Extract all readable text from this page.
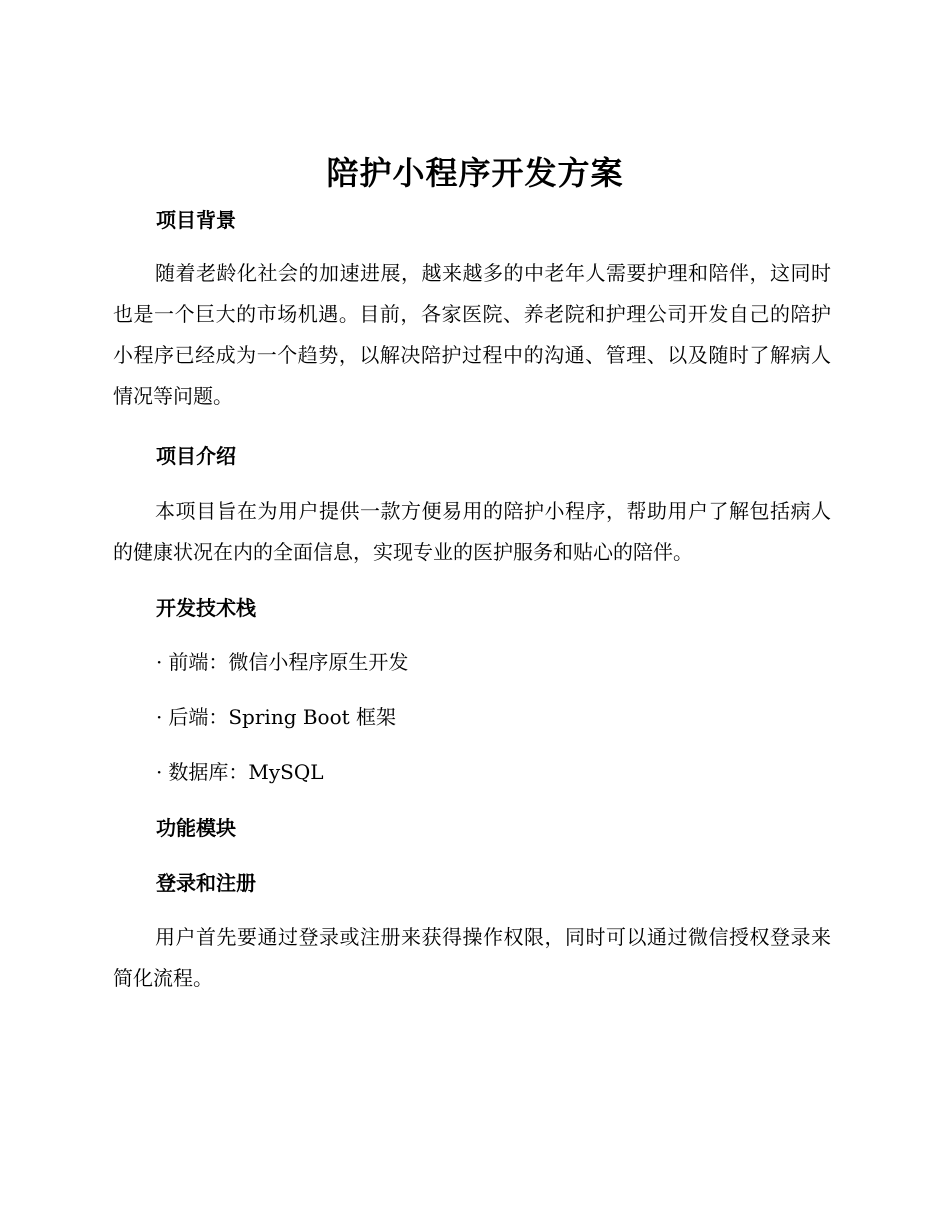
陪护小程序开发方案
项目背景
随着老龄化社会的加速进展，越来越多的中老年人需要护理和陪伴，这同时也是一个巨大的市场机遇。目前，各家医院、养老院和护理公司开发自己的陪护小程序已经成为一个趋势，以解决陪护过程中的沟通、管理、以及随时了解病人情况等问题。
项目介绍
本项目旨在为用户提供一款方便易用的陪护小程序，帮助用户了解包括病人的健康状况在内的全面信息，实现专业的医护服务和贴心的陪伴。
开发技术栈
· 前端：微信小程序原生开发
· 后端：Spring Boot 框架
· 数据库：MySQL
功能模块
登录和注册
用户首先要通过登录或注册来获得操作权限，同时可以通过微信授权登录来简化流程。
